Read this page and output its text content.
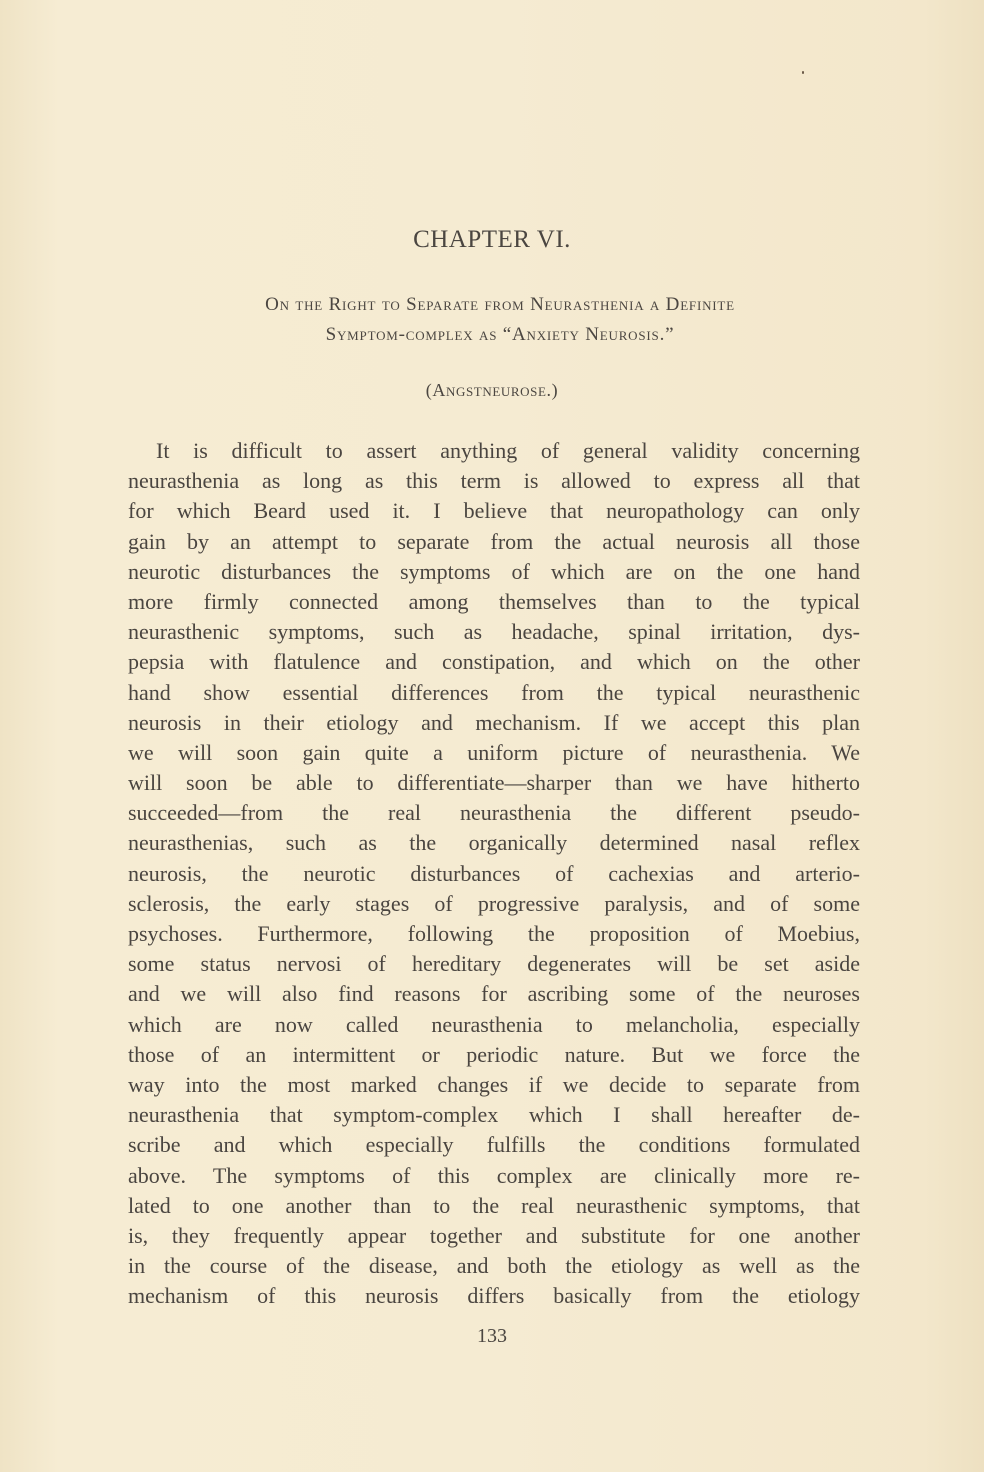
CHAPTER VI.
On the Right to Separate from Neurasthenia a Definite
Symptom-complex as “Anxiety Neurosis.”
(Angstneurose.)
It is difficult to assert anything of general validity concerning
neurasthenia as long as this term is allowed to express all that
for which Beard used it. I believe that neuropathology can only
gain by an attempt to separate from the actual neurosis all those
neurotic disturbances the symptoms of which are on the one hand
more firmly connected among themselves than to the typical
neurasthenic symptoms, such as headache, spinal irritation, dys-
pepsia with flatulence and constipation, and which on the other
hand show essential differences from the typical neurasthenic
neurosis in their etiology and mechanism. If we accept this plan
we will soon gain quite a uniform picture of neurasthenia. We
will soon be able to differentiate—sharper than we have hitherto
succeeded—from the real neurasthenia the different pseudo-
neurasthenias, such as the organically determined nasal reflex
neurosis, the neurotic disturbances of cachexias and arterio-
sclerosis, the early stages of progressive paralysis, and of some
psychoses. Furthermore, following the proposition of Moebius,
some status nervosi of hereditary degenerates will be set aside
and we will also find reasons for ascribing some of the neuroses
which are now called neurasthenia to melancholia, especially
those of an intermittent or periodic nature. But we force the
way into the most marked changes if we decide to separate from
neurasthenia that symptom-complex which I shall hereafter de-
scribe and which especially fulfills the conditions formulated
above. The symptoms of this complex are clinically more re-
lated to one another than to the real neurasthenic symptoms, that
is, they frequently appear together and substitute for one another
in the course of the disease, and both the etiology as well as the
mechanism of this neurosis differs basically from the etiology
133
